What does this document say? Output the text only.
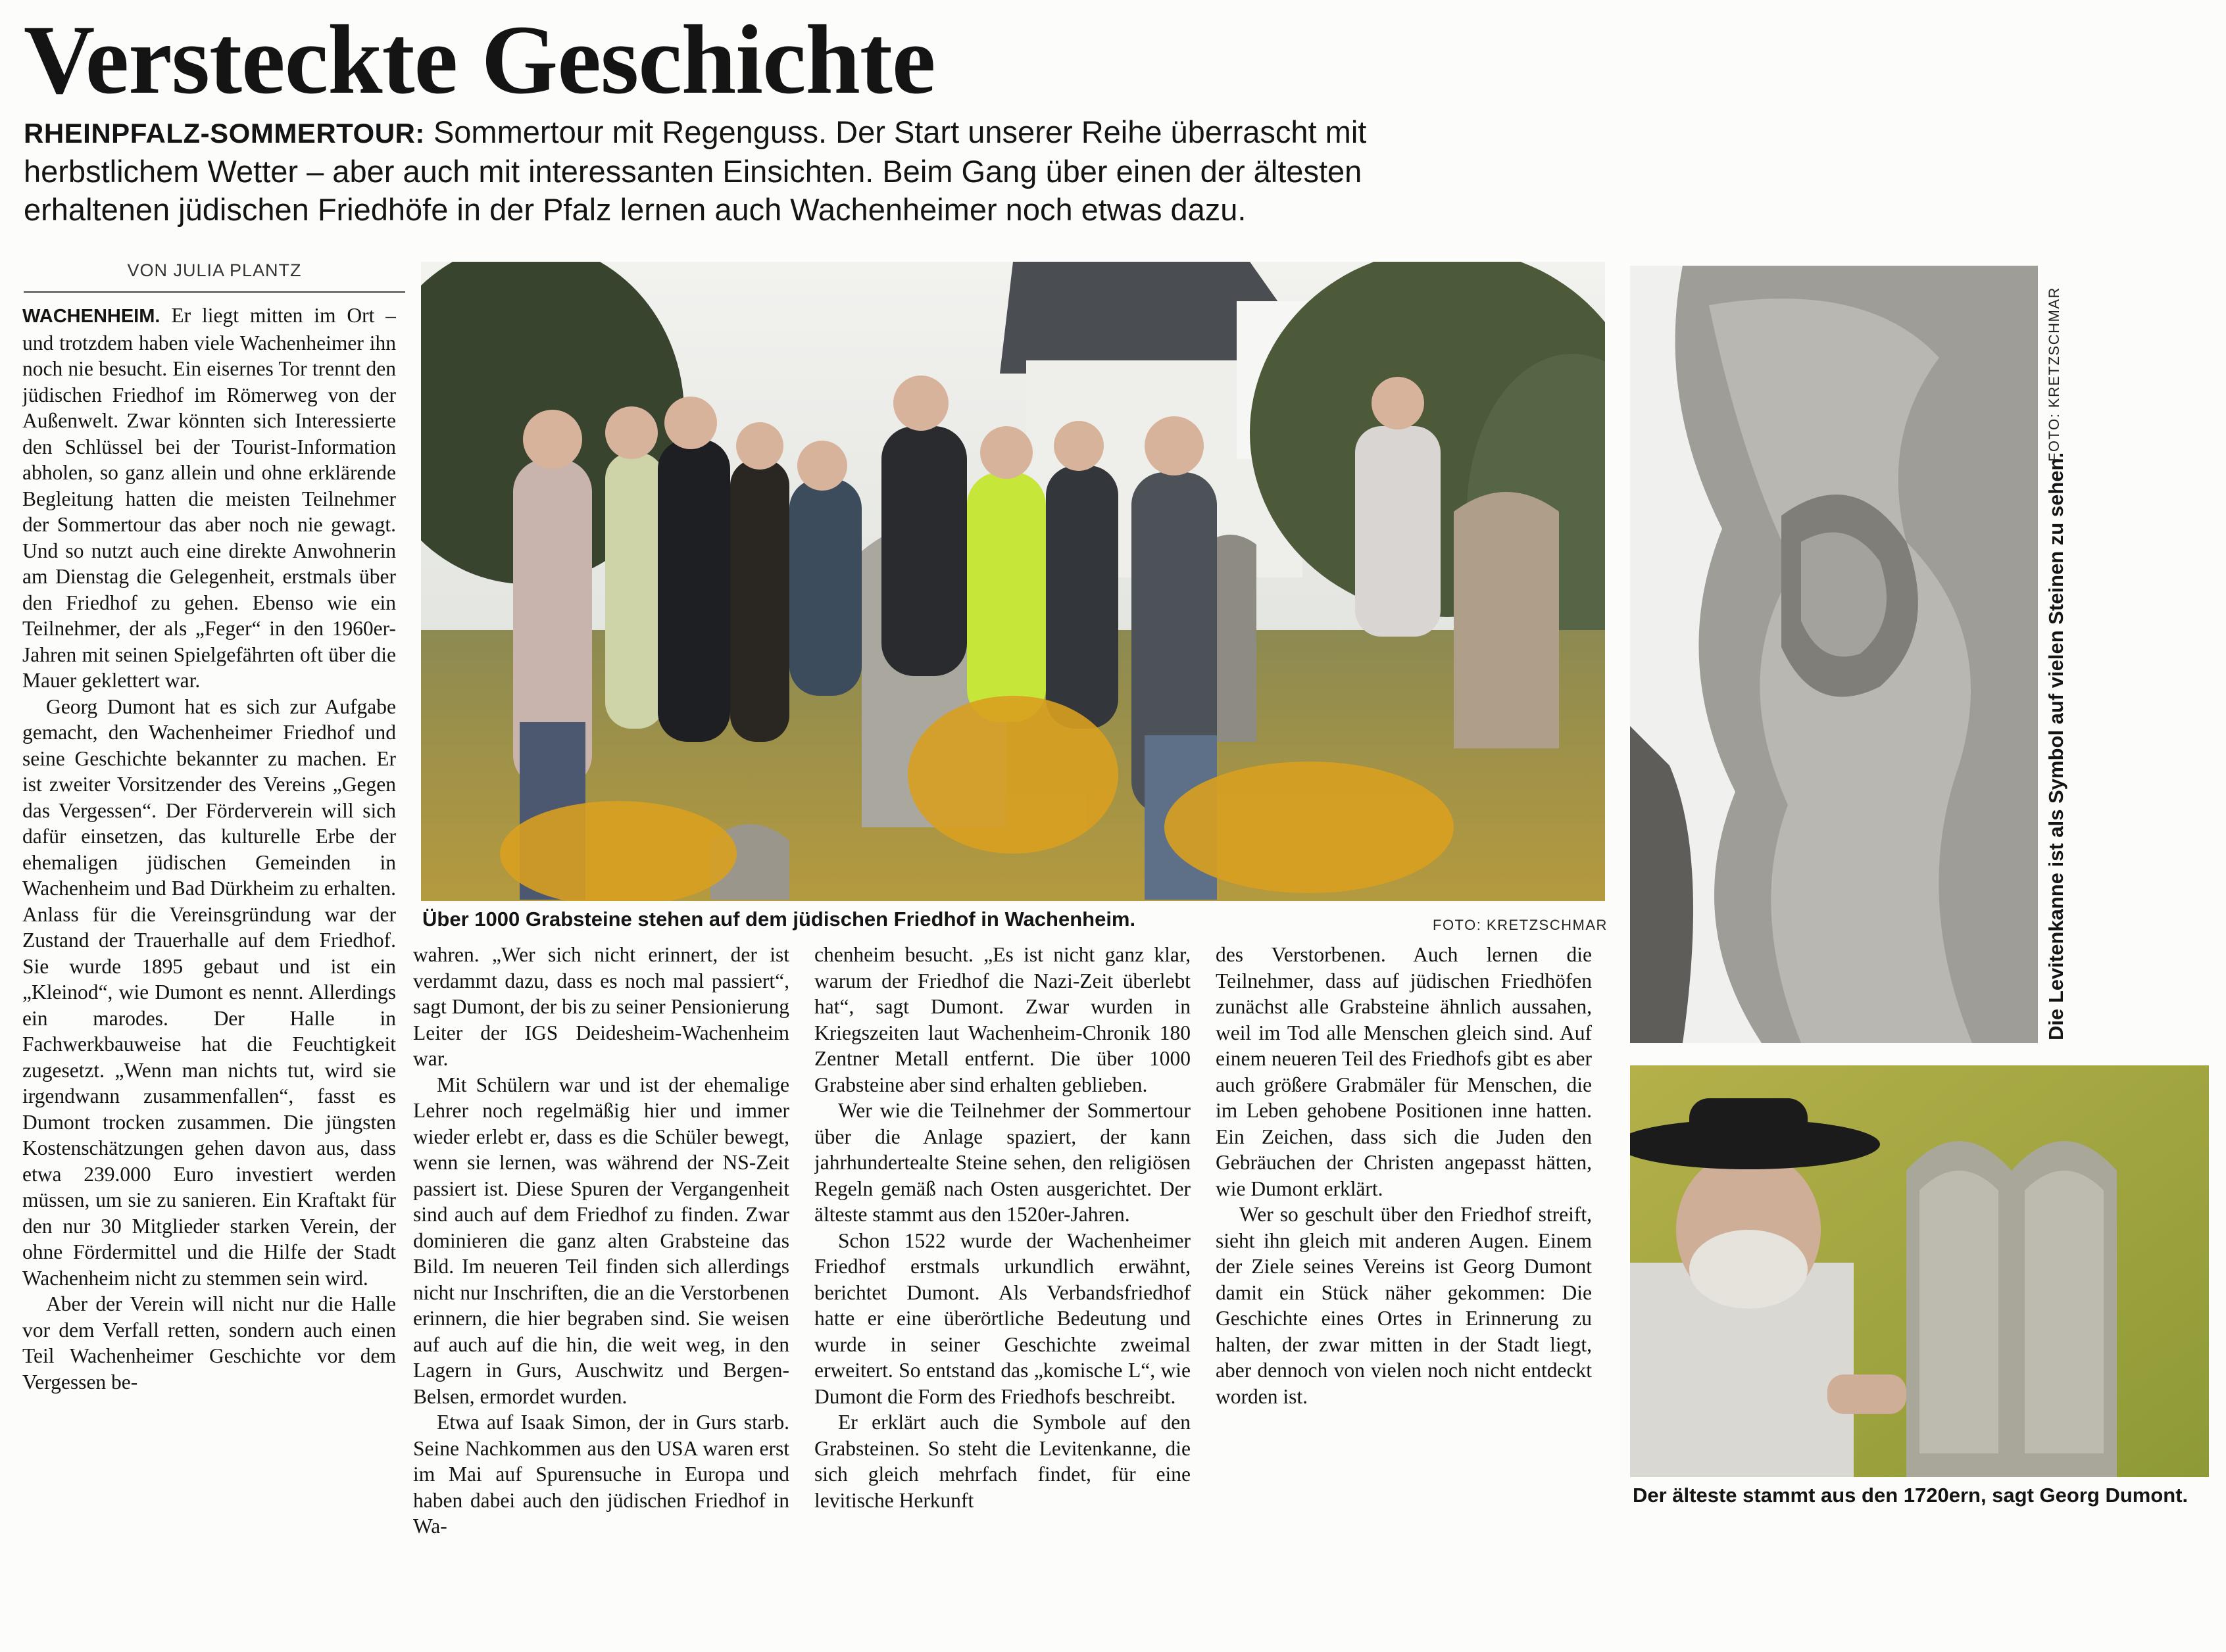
Versteckte Geschichte
RHEINPFALZ-SOMMERTOUR: Sommertour mit Regenguss. Der Start unserer Reihe überrascht mit herbstlichem Wetter – aber auch mit interessanten Einsichten. Beim Gang über einen der ältesten erhaltenen jüdischen Friedhöfe in der Pfalz lernen auch Wachenheimer noch etwas dazu.
VON JULIA PLANTZ

WACHENHEIM. Er liegt mitten im Ort – und trotzdem haben viele Wachenheimer ihn noch nie besucht. Ein eisernes Tor trennt den jüdischen Friedhof im Römerweg von der Außenwelt. Zwar könnten sich Interessierte den Schlüssel bei der Tourist-Information abholen, so ganz allein und ohne erklärende Begleitung hatten die meisten Teilnehmer der Sommertour das aber noch nie gewagt. Und so nutzt auch eine direkte Anwohnerin am Dienstag die Gelegenheit, erstmals über den Friedhof zu gehen. Ebenso wie ein Teilnehmer, der als „Feger“ in den 1960er-Jahren mit seinen Spielgefährten oft über die Mauer geklettert war.

Georg Dumont hat es sich zur Aufgabe gemacht, den Wachenheimer Friedhof und seine Geschichte bekannter zu machen. Er ist zweiter Vorsitzender des Vereins „Gegen das Vergessen“. Der Förderverein will sich dafür einsetzen, das kulturelle Erbe der ehemaligen jüdischen Gemeinden in Wachenheim und Bad Dürkheim zu erhalten. Anlass für die Vereinsgründung war der Zustand der Trauerhalle auf dem Friedhof. Sie wurde 1895 gebaut und ist ein „Kleinod“, wie Dumont es nennt. Allerdings ein marodes. Der Halle in Fachwerkbauweise hat die Feuchtigkeit zugesetzt. „Wenn man nichts tut, wird sie irgendwann zusammenfallen“, fasst es Dumont trocken zusammen. Die jüngsten Kostenschätzungen gehen davon aus, dass etwa 239.000 Euro investiert werden müssen, um sie zu sanieren. Ein Kraftakt für den nur 30 Mitglieder starken Verein, der ohne Fördermittel und die Hilfe der Stadt Wachenheim nicht zu stemmen sein wird.

Aber der Verein will nicht nur die Halle vor dem Verfall retten, sondern auch einen Teil Wachenheimer Geschichte vor dem Vergessen be-

Über 1000 Grabsteine stehen auf dem jüdischen Friedhof in Wachenheim.	FOTO: KRETZSCHMAR

wahren. „Wer sich nicht erinnert, der ist verdammt dazu, dass es noch mal passiert“, sagt Dumont, der bis zu seiner Pensionierung Leiter der IGS Deidesheim-Wachenheim war.

Mit Schülern war und ist der ehemalige Lehrer noch regelmäßig hier und immer wieder erlebt er, dass es die Schüler bewegt, wenn sie lernen, was während der NS-Zeit passiert ist. Diese Spuren der Vergangenheit sind auch auf dem Friedhof zu finden. Zwar dominieren die ganz alten Grabsteine das Bild. Im neueren Teil finden sich allerdings nicht nur Inschriften, die an die Verstorbenen erinnern, die hier begraben sind. Sie weisen auf auch auf die hin, die weit weg, in den Lagern in Gurs, Auschwitz und Bergen-Belsen, ermordet wurden.

Etwa auf Isaak Simon, der in Gurs starb. Seine Nachkommen aus den USA waren erst im Mai auf Spurensuche in Europa und haben dabei auch den jüdischen Friedhof in Wa-

chenheim besucht. „Es ist nicht ganz klar, warum der Friedhof die Nazi-Zeit überlebt hat“, sagt Dumont. Zwar wurden in Kriegszeiten laut Wachenheim-Chronik 180 Zentner Metall entfernt. Die über 1000 Grabsteine aber sind erhalten geblieben.

Wer wie die Teilnehmer der Sommertour über die Anlage spaziert, der kann jahrhundertealte Steine sehen, den religiösen Regeln gemäß nach Osten ausgerichtet. Der älteste stammt aus den 1520er-Jahren.

Schon 1522 wurde der Wachenheimer Friedhof erstmals urkundlich erwähnt, berichtet Dumont. Als Verbandsfriedhof hatte er eine überörtliche Bedeutung und wurde in seiner Geschichte zweimal erweitert. So entstand das „komische L“, wie Dumont die Form des Friedhofs beschreibt.

Er erklärt auch die Symbole auf den Grabsteinen. So steht die Levitenkanne, die sich gleich mehrfach findet, für eine levitische Herkunft

des Verstorbenen. Auch lernen die Teilnehmer, dass auf jüdischen Friedhöfen zunächst alle Grabsteine ähnlich aussahen, weil im Tod alle Menschen gleich sind. Auf einem neueren Teil des Friedhofs gibt es aber auch größere Grabmäler für Menschen, die im Leben gehobene Positionen inne hatten. Ein Zeichen, dass sich die Juden den Gebräuchen der Christen angepasst hätten, wie Dumont erklärt.

Wer so geschult über den Friedhof streift, sieht ihn gleich mit anderen Augen. Einem der Ziele seines Vereins ist Georg Dumont damit ein Stück näher gekommen: Die Geschichte eines Ortes in Erinnerung zu halten, der zwar mitten in der Stadt liegt, aber dennoch von vielen noch nicht entdeckt worden ist.

Die Levitenkanne ist als Symbol auf vielen Steinen zu sehen.
FOTO: KRETZSCHMAR
Der älteste stammt aus den 1720ern, sagt Georg Dumont.
